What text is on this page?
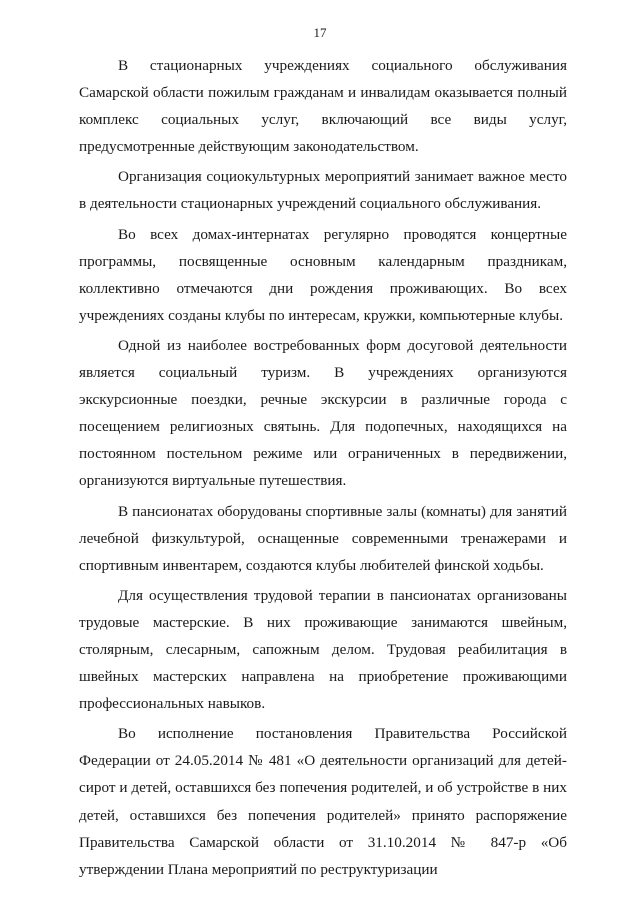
17

В стационарных учреждениях социального обслуживания Самарской области пожилым гражданам и инвалидам оказывается полный комплекс социальных услуг, включающий все виды услуг, предусмотренные действующим законодательством.

Организация социокультурных мероприятий занимает важное место в деятельности стационарных учреждений социального обслуживания.

Во всех домах-интернатах регулярно проводятся концертные программы, посвященные основным календарным праздникам, коллективно отмечаются дни рождения проживающих. Во всех учреждениях созданы клубы по интересам, кружки, компьютерные клубы.

Одной из наиболее востребованных форм досуговой деятельности является социальный туризм. В учреждениях организуются экскурсионные поездки, речные экскурсии в различные города с посещением религиозных святынь. Для подопечных, находящихся на постоянном постельном режиме или ограниченных в передвижении, организуются виртуальные путешествия.

В пансионатах оборудованы спортивные залы (комнаты) для занятий лечебной физкультурой, оснащенные современными тренажерами и спортивным инвентарем, создаются клубы любителей финской ходьбы.

Для осуществления трудовой терапии в пансионатах организованы трудовые мастерские. В них проживающие занимаются швейным, столярным, слесарным, сапожным делом. Трудовая реабилитация в швейных мастерских направлена на приобретение проживающими профессиональных навыков.

Во исполнение постановления Правительства Российской Федерации от 24.05.2014 № 481 «О деятельности организаций для детей-сирот и детей, оставшихся без попечения родителей, и об устройстве в них детей, оставшихся без попечения родителей» принято распоряжение Правительства Самарской области от 31.10.2014 № 847-р «Об утверждении Плана мероприятий по реструктуризации
